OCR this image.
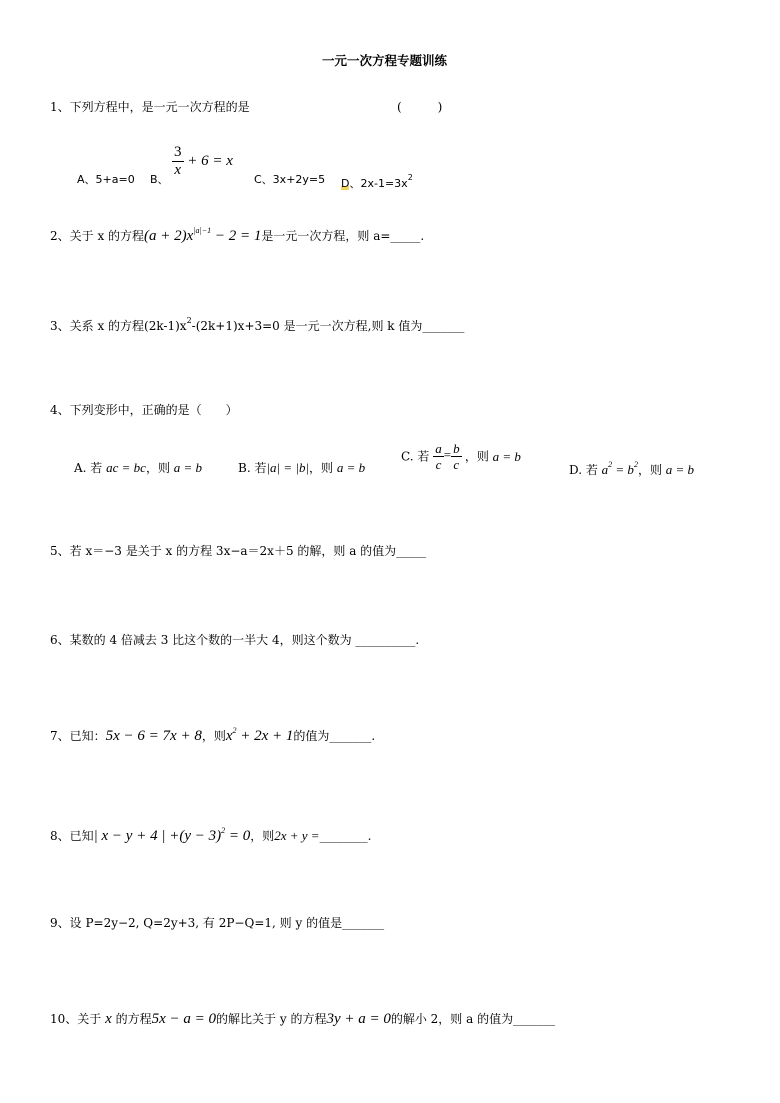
一元一次方程专题训练
1、下列方程中，是一元一次方程的是	(　　　)
A、5+a=0 B、
$\frac{3}{x} + 6 = x$
C、3x+2y=5 D、$2x-1=3x^2$
2、关于 x 的方程$(a + 2)x^{|a|-1} - 2 = 1$是一元一次方程，则 a=_____.
3、关系 x 的方程$(2k-1)x^2-(2k+1)x+3=0$ 是一元一次方程,则 k 值为_______
4、下列变形中，正确的是（　　）
A. 若 ac = bc，则 a = b	B. 若|a| = |b|，则 a = b
C. 若 $\frac{a}{c} = \frac{b}{c}$ ，则 a = b
D. 若 $a^2 = b^2$，则 a = b
5、若 x＝−3 是关于 x 的方程 3x−a＝2x＋5 的解，则 a 的值为_____
6、某数的 4 倍减去 3 比这个数的一半大 4，则这个数为 __________.
7、已知：5x − 6 = 7x + 8，则$x^2 + 2x + 1$的值为_______.
8、已知| x − y + 4 | $+(y - 3)^2 = 0$，则2x + y =________.
9、设 P=2y−2, Q=2y+3, 有 2P−Q=1, 则 y 的值是_______
10、关于 x 的方程5x − a = 0的解比关于 y 的方程3y + a = 0的解小 2，则 a 的值为_______
